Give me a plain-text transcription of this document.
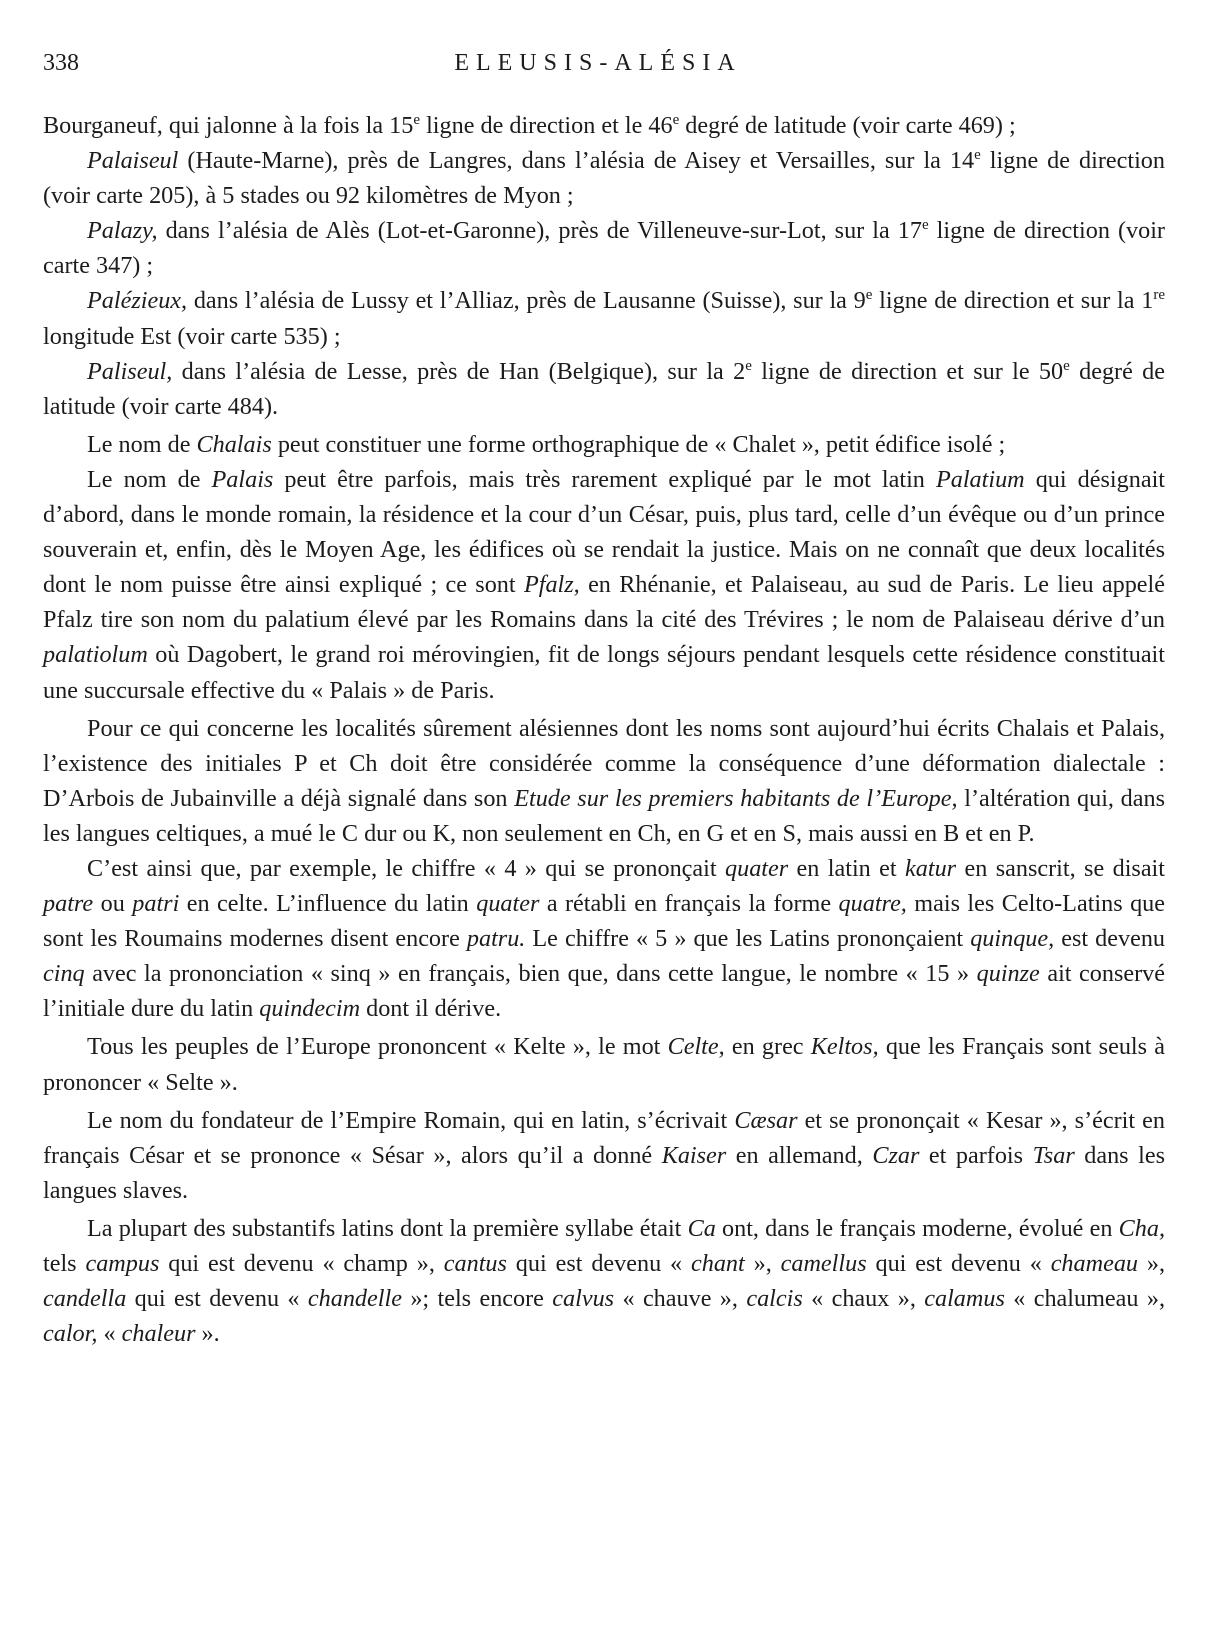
338	ELEUSIS-ALÉSIA

Bourganeuf, qui jalonne à la fois la 15e ligne de direction et le 46e degré de latitude (voir carte 469) ;

Palaiseul (Haute-Marne), près de Langres, dans l’alésia de Aisey et Versailles, sur la 14e ligne de direction (voir carte 205), à 5 stades ou 92 kilomètres de Myon ;

Palazy, dans l’alésia de Alès (Lot-et-Garonne), près de Villeneuve-sur-Lot, sur la 17e ligne de direction (voir carte 347) ;

Palézieux, dans l’alésia de Lussy et l’Alliaz, près de Lausanne (Suisse), sur la 9e ligne de direction et sur la 1re longitude Est (voir carte 535) ;

Paliseul, dans l’alésia de Lesse, près de Han (Belgique), sur la 2e ligne de direction et sur le 50e degré de latitude (voir carte 484).

Le nom de Chalais peut constituer une forme orthographique de « Chalet », petit édifice isolé ;

Le nom de Palais peut être parfois, mais très rarement expliqué par le mot latin Palatium qui désignait d’abord, dans le monde romain, la résidence et la cour d’un César, puis, plus tard, celle d’un évêque ou d’un prince souverain et, enfin, dès le Moyen Age, les édifices où se rendait la justice. Mais on ne connaît que deux localités dont le nom puisse être ainsi expliqué ; ce sont Pfalz, en Rhénanie, et Palaiseau, au sud de Paris. Le lieu appelé Pfalz tire son nom du palatium élevé par les Romains dans la cité des Trévires ; le nom de Palaiseau dérive d’un palatiolum où Dagobert, le grand roi mérovingien, fit de longs séjours pendant lesquels cette résidence constituait une succursale effective du « Palais » de Paris.

Pour ce qui concerne les localités sûrement alésiennes dont les noms sont aujourd’hui écrits Chalais et Palais, l’existence des initiales P et Ch doit être considérée comme la conséquence d’une déformation dialectale : D’Arbois de Jubainville a déjà signalé dans son Etude sur les premiers habitants de l’Europe, l’altération qui, dans les langues celtiques, a mué le C dur ou K, non seulement en Ch, en G et en S, mais aussi en B et en P.

C’est ainsi que, par exemple, le chiffre « 4 » qui se prononçait quater en latin et katur en sanscrit, se disait patre ou patri en celte. L’influence du latin quater a rétabli en français la forme quatre, mais les Celto-Latins que sont les Roumains modernes disent encore patru. Le chiffre « 5 » que les Latins prononçaient quinque, est devenu cinq avec la prononciation « sinq » en français, bien que, dans cette langue, le nombre « 15 » quinze ait conservé l’initiale dure du latin quindecim dont il dérive.

Tous les peuples de l’Europe prononcent « Kelte », le mot Celte, en grec Keltos, que les Français sont seuls à prononcer « Selte ».

Le nom du fondateur de l’Empire Romain, qui en latin, s’écrivait Cæsar et se prononçait « Kesar », s’écrit en français César et se prononce « Sésar », alors qu’il a donné Kaiser en allemand, Czar et parfois Tsar dans les langues slaves.

La plupart des substantifs latins dont la première syllabe était Ca ont, dans le français moderne, évolué en Cha, tels campus qui est devenu « champ », cantus qui est devenu « chant », camellus qui est devenu « chameau », candella qui est devenu « chandelle »; tels encore calvus « chauve », calcis « chaux », calamus « chalumeau », calor, « chaleur ».
